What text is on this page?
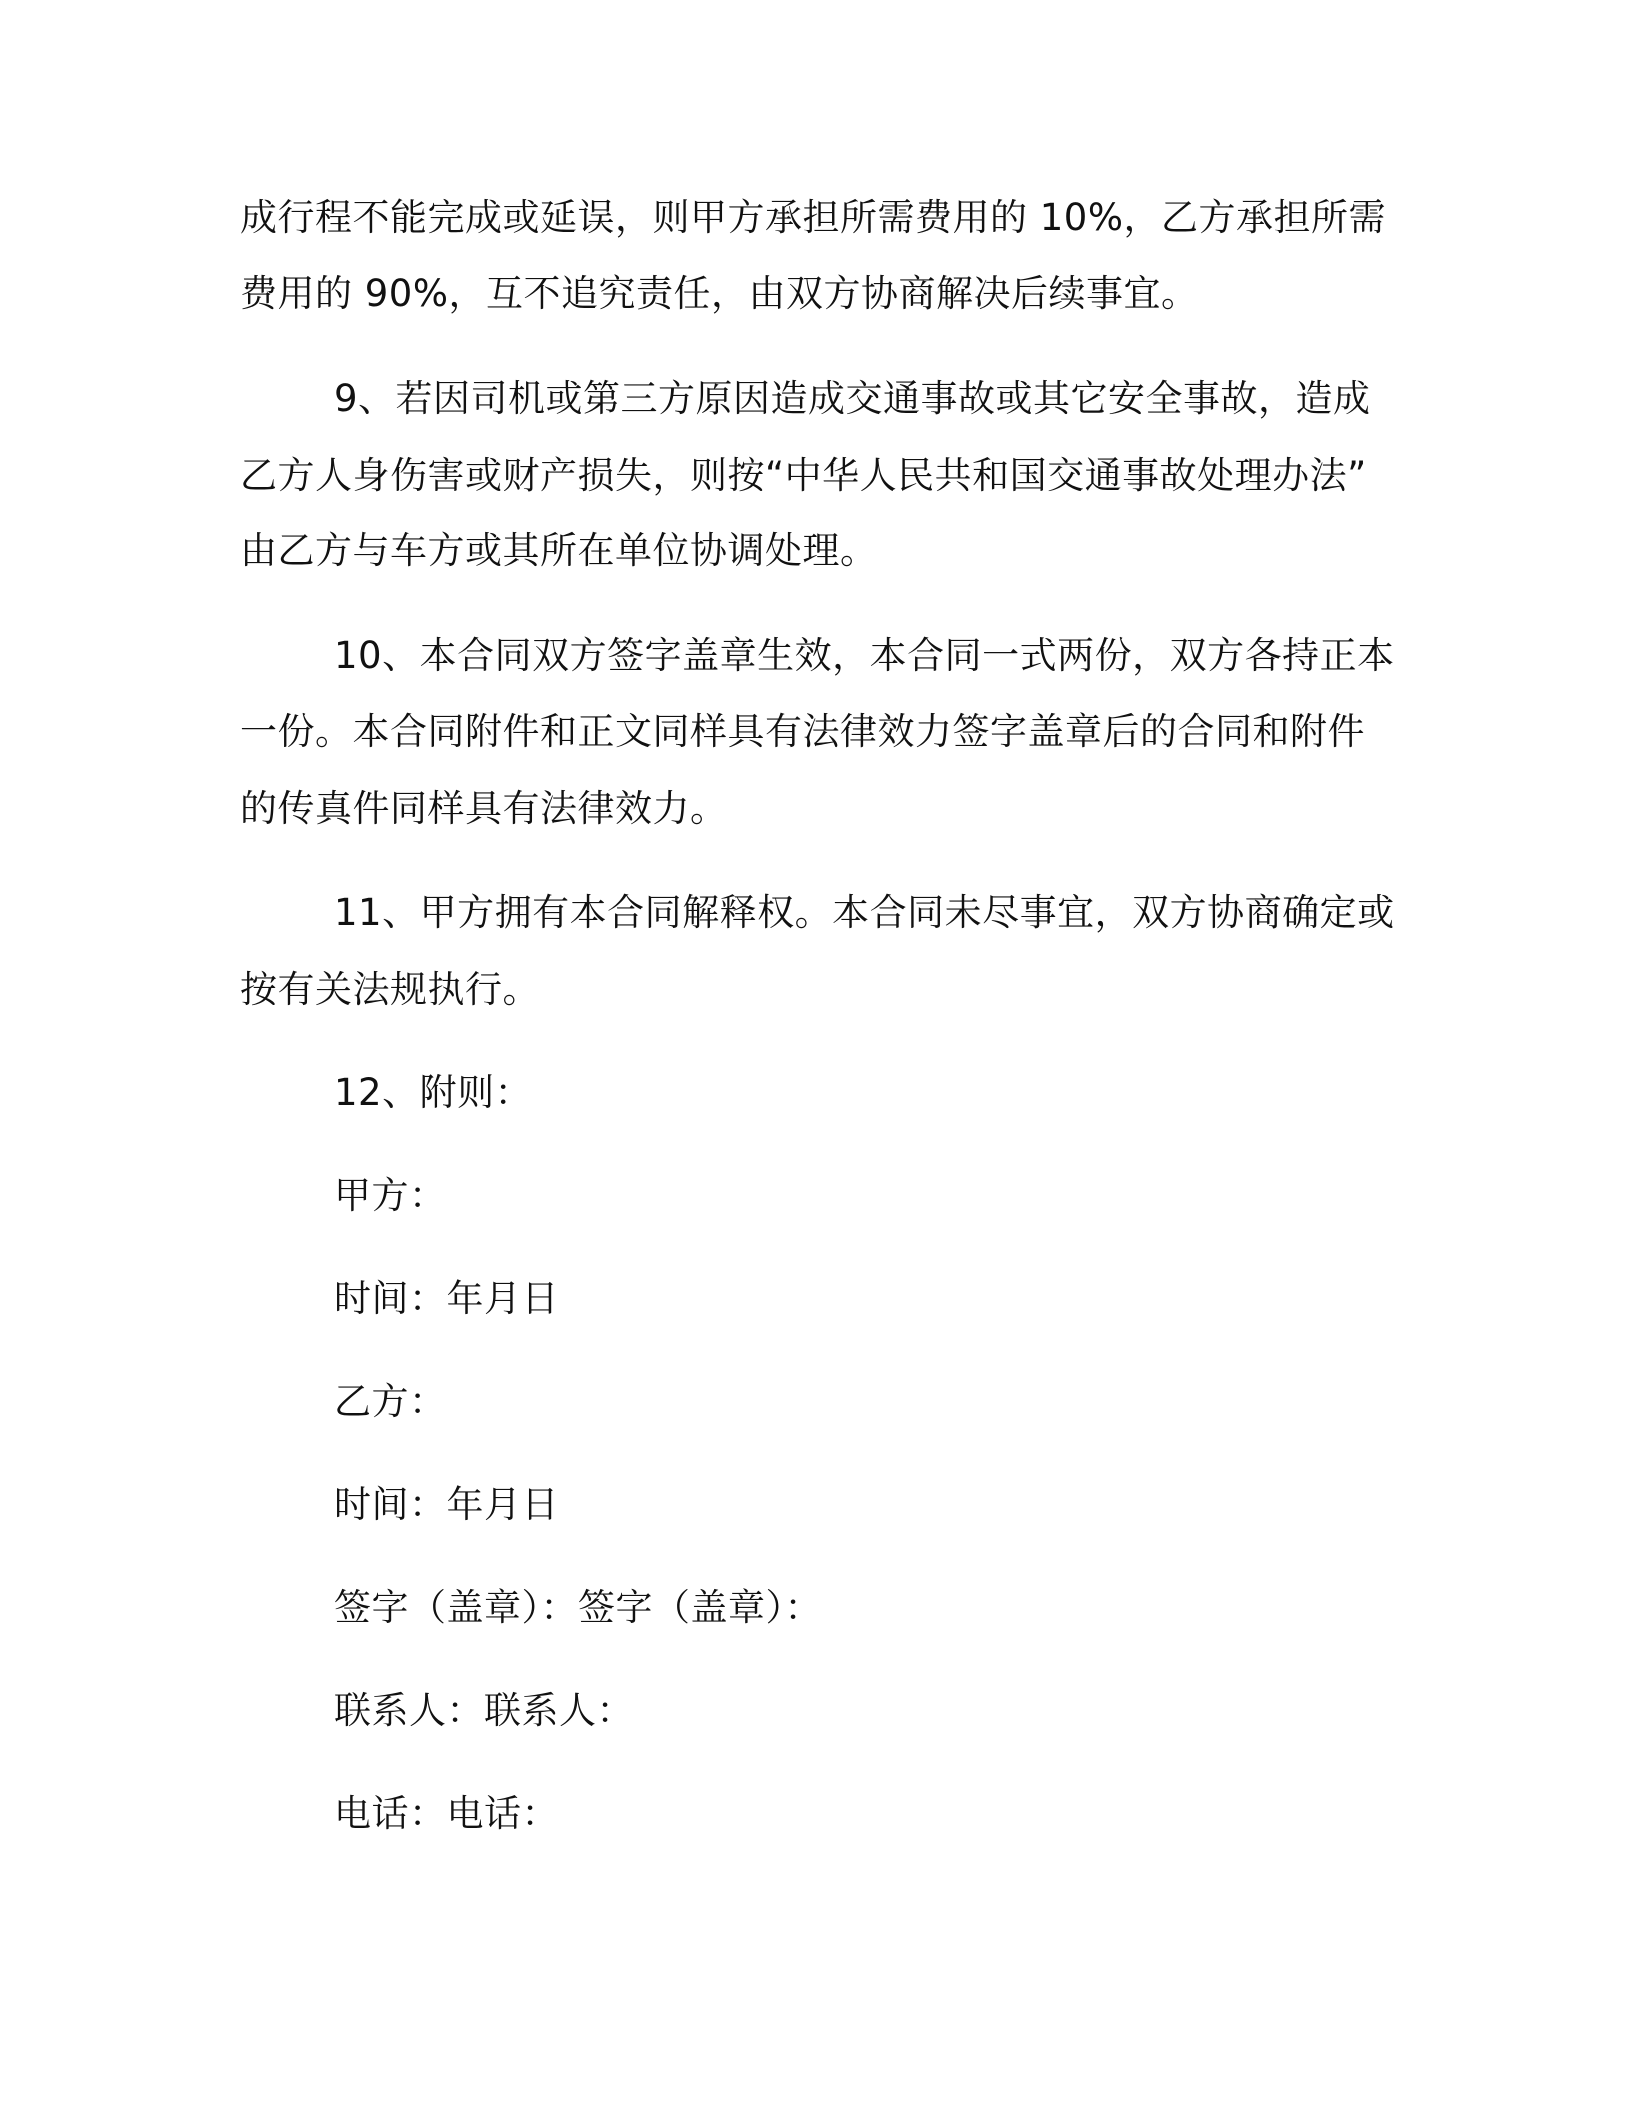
成行程不能完成或延误，则甲方承担所需费用的 10%，乙方承担所需
费用的 90%，互不追究责任，由双方协商解决后续事宜。
9、若因司机或第三方原因造成交通事故或其它安全事故，造成
乙方人身伤害或财产损失，则按“中华人民共和国交通事故处理办法”
由乙方与车方或其所在单位协调处理。
10、本合同双方签字盖章生效，本合同一式两份，双方各持正本
一份。本合同附件和正文同样具有法律效力签字盖章后的合同和附件
的传真件同样具有法律效力。
11、甲方拥有本合同解释权。本合同未尽事宜，双方协商确定或
按有关法规执行。
12、附则：
甲方：
时间：年月日
乙方：
时间：年月日
签字（盖章）：签字（盖章）：
联系人：联系人：
电话：电话：
